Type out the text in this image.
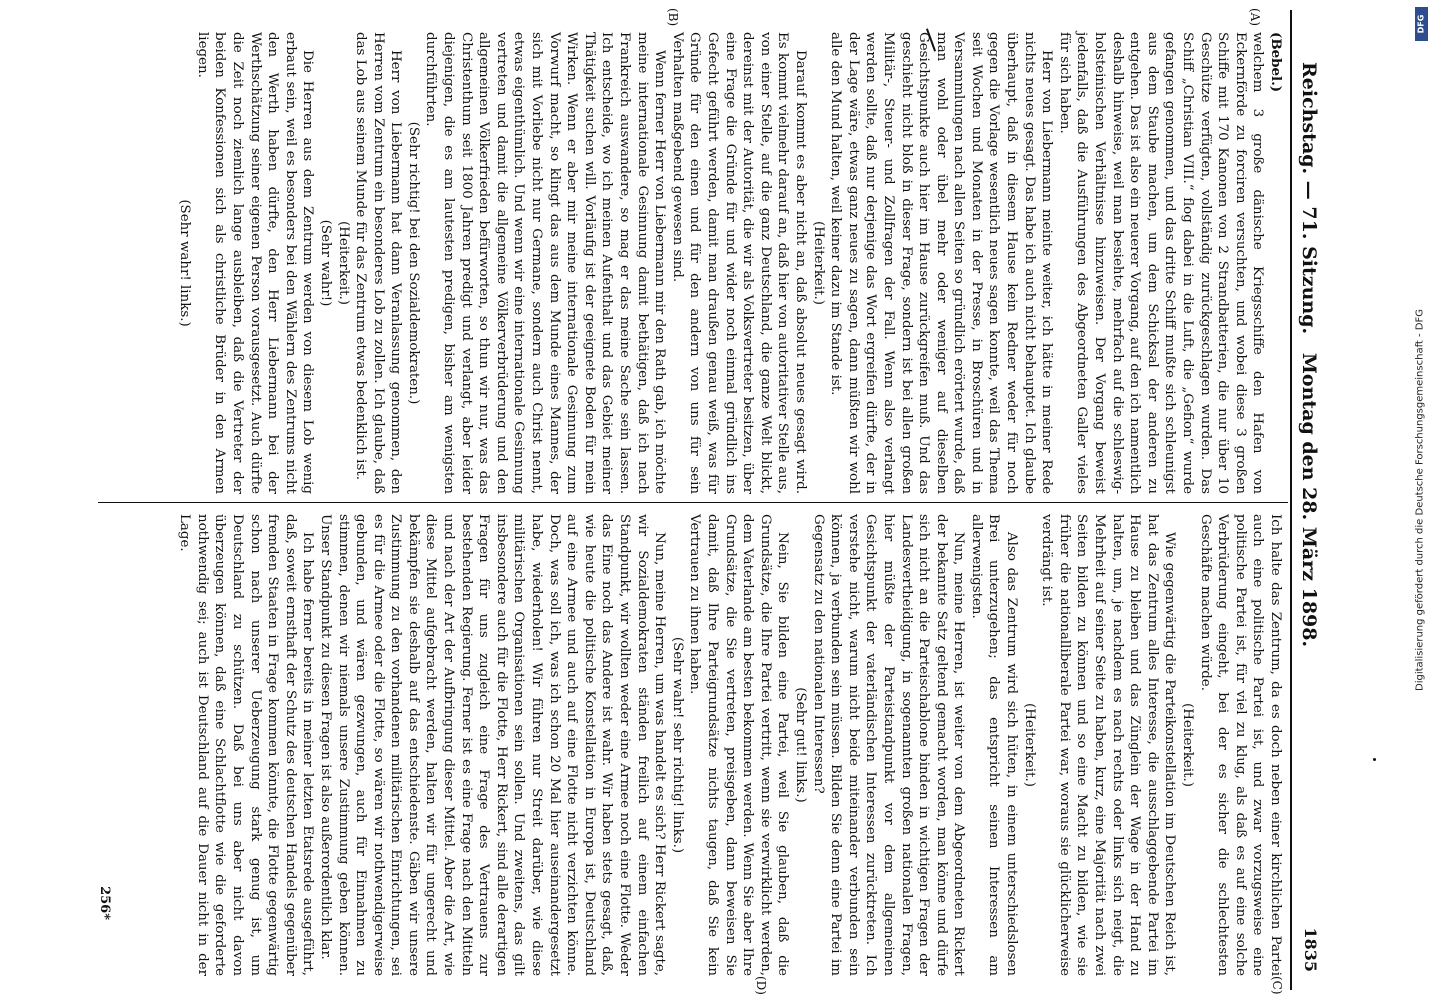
Reichstag. — 71. Sitzung.
Montag den 28. März 1898.
1835
(A)
(B)
(C)
(D)

(Bebel.)

welchem 3 große dänische Kriegsschiffe den Hafen von Eckernförde zu forciren versuchten, und wobei diese 3 großen Schiffe mit 170 Kanonen von 2 Strandbatterien, die nur über 10 Geschütze verfügten, vollständig zurückgeschlagen wurden. Das Schiff „Christian VIII.“ flog dabei in die Luft, die „Gefion“ wurde gefangen genommen, und das dritte Schiff mußte sich schleunigst aus dem Staube machen, um dem Schicksal der anderen zu entgehen. Das ist also ein neuerer Vorgang, auf den ich namentlich deshalb hinweise, weil man besiehte, mehrfach auf die schleswig-holsteinischen Verhältnisse hinzuweisen. Der Vorgang beweist jedenfalls, daß die Ausführungen des Abgeordneten Galler vieles für sich haben.

Herr von Liebermann meinte weiter, ich hätte in meiner Rede nichts neues gesagt. Das habe ich auch nicht behauptet. Ich glaube überhaupt, daß in diesem Hause kein Redner weder für noch gegen die Vorlage wesentlich neues sagen konnte, weil das Thema seit Wochen und Monaten in der Presse, in Broschüren und in Versammlungen nach allen Seiten so gründlich erörtert wurde, daß man wohl oder übel mehr oder weniger auf dieselben Gesichtspunkte auch hier im Hause zurückgreifen muß. Und das geschieht nicht bloß in dieser Frage, sondern ist bei allen großen Militär-, Steuer- und Zollfragen der Fall. Wenn also verlangt werden sollte, daß nur derjenige das Wort ergreifen dürfte, der in der Lage wäre, etwas ganz neues zu sagen, dann müßten wir wohl alle den Mund halten, weil keiner dazu im Stande ist.

(Heiterkeit.)

Darauf kommt es aber nicht an, daß absolut neues gesagt wird. Es kommt vielmehr darauf an, daß hier von autoritativer Stelle aus, von einer Stelle, auf die ganz Deutschland, die ganze Welt blickt, dereinst mit der Autorität, die wir als Volksvertreter besitzen, über eine Frage die Gründe für und wider noch einmal gründlich ins Gefecht geführt werden, damit man draußen genau weiß, was für Gründe für den einen und für den andern von uns für sein Verhalten maßgebend gewesen sind.

Wenn ferner Herr von Liebermann mir den Rath gab, ich möchte meine internationale Gesinnung damit bethätigen, daß ich nach Frankreich auswandere, so mag er das meine Sache sein lassen. Ich entscheide, wo ich meinen Aufenthalt und das Gebiet meiner Thätigkeit suchen will. Vorläufig ist der geeignete Boden für mein Wirken. Wenn er aber mir meine internationale Gesinnung zum Vorwurf macht, so klingt das aus dem Munde eines Mannes, der sich mit Vorliebe nicht nur Germane, sondern auch Christ nennt, etwas eigenthümlich. Und wenn wir eine internationale Gesinnung vertreten und damit die allgemeine Völkerverbrüderung und den allgemeinen Völkerfrieden befürworten, so thun wir nur, was das Christenthum seit 1800 Jahren predigt und verlangt, aber leider diejenigen, die es am lautesten predigen, bisher am wenigsten durchführten.

(Sehr richtig! bei den Sozialdemokraten.)

Herr von Liebermann hat dann Veranlassung genommen, den Herren vom Zentrum ein besonderes Lob zu zollen. Ich glaube, daß das Lob aus seinem Munde für das Zentrum etwas bedenklich ist.

(Heiterkeit.)

(Sehr wahr!)

Die Herren aus dem Zentrum werden von diesem Lob wenig erbaut sein, weil es besonders bei den Wählern des Zentrums nicht den Werth haben dürfte, den Herr Liebermann bei der Werthschätzung seiner eigenen Person vorausgesetzt. Auch dürfte die Zeit noch ziemlich lange ausbleiben, daß die Vertreter der beiden Konfessionen sich als christliche Brüder in den Armen liegen.

(Sehr wahr! links.)

Ich halte das Zentrum, da es doch neben einer kirchlichen Partei auch eine politische Partei ist, und zwar vorzugsweise eine politische Partei ist, für viel zu klug, als daß es auf eine solche Verbrüderung eingeht, bei der es sicher die schlechtesten Geschäfte machen würde.

(Heiterkeit.)

Wie gegenwärtig die Parteikonstellation im Deutschen Reich ist, hat das Zentrum alles Interesse, die ausschlaggebende Partei im Hause zu bleiben und das Zünglein der Wage in der Hand zu halten, um, je nachdem es nach rechts oder links sich neigt, die Mehrheit auf seiner Seite zu haben, kurz, eine Majorität nach zwei Seiten bilden zu können und so eine Macht zu bilden, wie sie früher die nationalliberale Partei war, woraus sie glücklicherweise verdrängt ist.

(Heiterkeit.)

Also das Zentrum wird sich hüten, in einem unterschiedslosen Brei unterzugehen; das entspricht seinen Interessen am allerwenigsten.

Nun, meine Herren, ist weiter von dem Abgeordneten Rickert der bekannte Satz geltend gemacht worden, man könne und dürfe sich nicht an die Parteischablone binden in wichtigen Fragen der Landesvertheidigung, in sogenannten großen nationalen Fragen, hier müßte der Parteistandpunkt vor dem allgemeinen Gesichtspunkt der vaterländischen Interessen zurücktreten. Ich verstehe nicht, warum nicht beide miteinander verbunden sein können, ja verbunden sein müssen. Bilden Sie denn eine Partei im Gegensatz zu den nationalen Interessen?

(Sehr gut! links.)

Nein, Sie bilden eine Partei, weil Sie glauben, daß die Grundsätze, die Ihre Partei vertritt, wenn sie verwirklicht werden, dem Vaterlande am besten bekommen werden. Wenn Sie aber Ihre Grundsätze, die Sie vertreten, preisgeben, dann beweisen Sie damit, daß Ihre Parteigrundsätze nichts taugen, daß Sie kein Vertrauen zu ihnen haben.

(Sehr wahr! sehr richtig! links.)

Nun, meine Herren, um was handelt es sich? Herr Rickert sagte, wir Sozialdemokraten ständen freilich auf einem einfachen Standpunkt, wir wollten weder eine Armee noch eine Flotte. Weder das Eine noch das Andere ist wahr. Wir haben stets gesagt, daß, wie heute die politische Konstellation in Europa ist, Deutschland auf eine Armee und auch auf eine Flotte nicht verzichten könne. Doch, was soll ich, was ich schon 20 Mal hier auseinandergesetzt habe, wiederholen! Wir führen nur Streit darüber, wie diese militärischen Organisationen sein sollen. Und zweitens, das gilt insbesondere auch für die Flotte, Herr Rickert, sind alle derartigen Fragen für uns zugleich eine Frage des Vertrauens zur bestehenden Regierung. Ferner ist es eine Frage nach den Mitteln und nach der Art der Aufbringung dieser Mittel. Aber die Art, wie diese Mittel aufgebracht werden, halten wir für ungerecht und bekämpfen sie deshalb auf das entschiedenste. Gäben wir unsere Zustimmung zu den vorhandenen militärischen Einrichtungen, sei es für die Armee oder die Flotte, so wären wir nothwendigerweise gebunden, und wären gezwungen, auch für Einnahmen zu stimmen, denen wir niemals unsere Zustimmung geben können. Unser Standpunkt zu diesen Fragen ist also außerordentlich klar.

Ich habe ferner bereits in meiner letzten Etatsrede ausgeführt, daß, soweit ernsthaft der Schutz des deutschen Handels gegenüber fremden Staaten in Frage kommen könnte, die Flotte gegenwärtig schon nach unserer Ueberzeugung stark genug ist, um Deutschland zu schützen. Daß bei uns aber nicht davon überzeugen können, daß eine Schlachtflotte wie die geforderte nothwendig sei; auch ist Deutschland auf die Dauer nicht in der Lage.

256*
Digitalisierung gefördert durch die Deutsche Forschungsgemeinschaft - DFG
DFG
